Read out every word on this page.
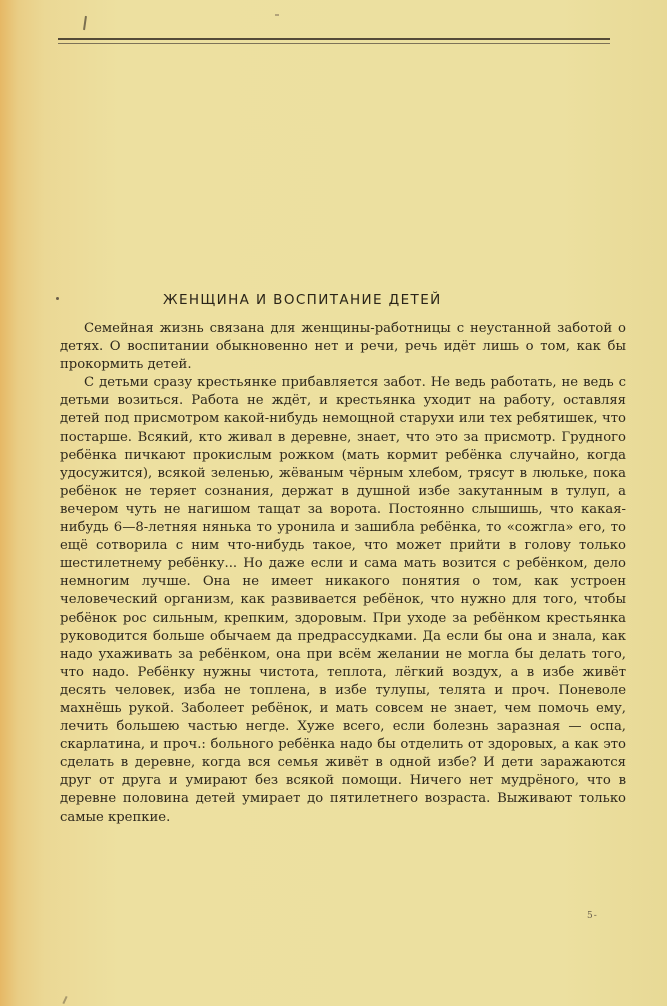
ЖЕНЩИНА И ВОСПИТАНИЕ ДЕТЕЙ

Семейная жизнь связана для женщины-работницы с неустанной заботой о детях. О воспитании обыкновенно нет и речи, речь идёт лишь о том, как бы прокормить детей.

С детьми сразу крестьянке прибавляется забот. Не ведь работать, не ведь с детьми возиться. Работа не ждёт, и крестьянка уходит на работу, оставляя детей под присмотром какой-нибудь немощной старухи или тех ребятишек, что постарше. Всякий, кто живал в деревне, знает, что это за присмотр. Грудного ребёнка пичкают прокислым рожком (мать кормит ребёнка случайно, когда удосужится), всякой зеленью, жёваным чёрным хлебом, трясут в люльке, пока ребёнок не теряет сознания, держат в душной избе закутанным в тулуп, а вечером чуть не нагишом тащат за ворота. Постоянно слышишь, что какая-нибудь 6—8-летняя нянька то уронила и зашибла ребёнка, то «сожгла» его, то ещё сотворила с ним что-нибудь такое, что может прийти в голову только шестилетнему ребёнку... Но даже если и сама мать возится с ребёнком, дело немногим лучше. Она не имеет никакого понятия о том, как устроен человеческий организм, как развивается ребёнок, что нужно для того, чтобы ребёнок рос сильным, крепким, здоровым. При уходе за ребёнком крестьянка руководится больше обычаем да предрассудками. Да если бы она и знала, как надо ухаживать за ребёнком, она при всём желании не могла бы делать того, что надо. Ребёнку нужны чистота, теплота, лёгкий воздух, а в избе живёт десять человек, изба не топлена, в избе тулупы, телята и проч. Поневоле махнёшь рукой. Заболеет ребёнок, и мать совсем не знает, чем помочь ему, лечить большею частью негде. Хуже всего, если болезнь заразная — оспа, скарлатина, и проч.: больного ребёнка надо бы отделить от здоровых, а как это сделать в деревне, когда вся семья живёт в одной избе? И дети заражаются друг от друга и умирают без всякой помощи. Ничего нет мудрёного, что в деревне половина детей умирает до пятилетнего возраста. Выживают только самые крепкие.

5-
